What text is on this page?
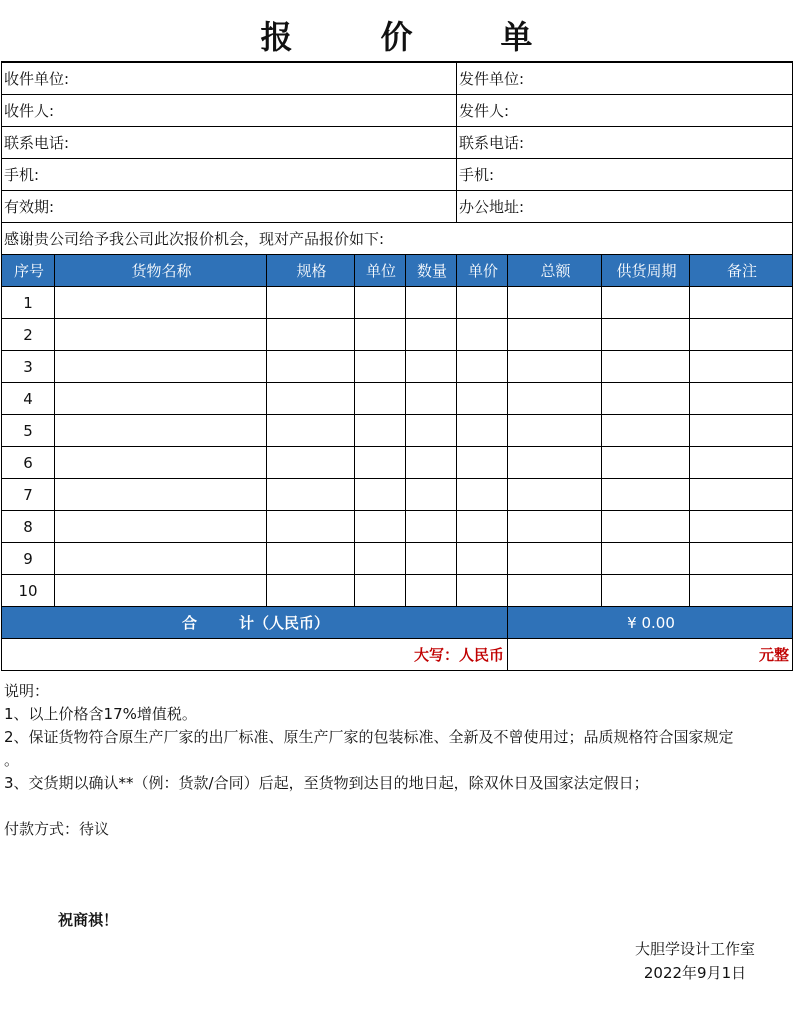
报	价	单
收件单位:					发件单位:			
收件人:					发件人:			
联系电话:					联系电话:			
手机:					手机:			
有效期:					办公地址:			
感谢贵公司给予我公司此次报价机会，现对产品报价如下:								
序号	货物名称	规格	单位	数量	单价	总额	供货周期	备注
1								
2								
3								
4								
5								
6								
7								
8								
9								
10								
合 计（人民币）						¥ 0.00		
大写：人民币						元整		
说明：
1、以上价格含17%增值税。
2、保证货物符合原生产厂家的出厂标准、原生产厂家的包装标准、全新及不曾使用过；品质规格符合国家规定
。
3、交货期以确认**（例：货款/合同）后起，至货物到达目的地日起，除双休日及国家法定假日；
付款方式：待议
祝商祺！
大胆学设计工作室
2022年9月1日
